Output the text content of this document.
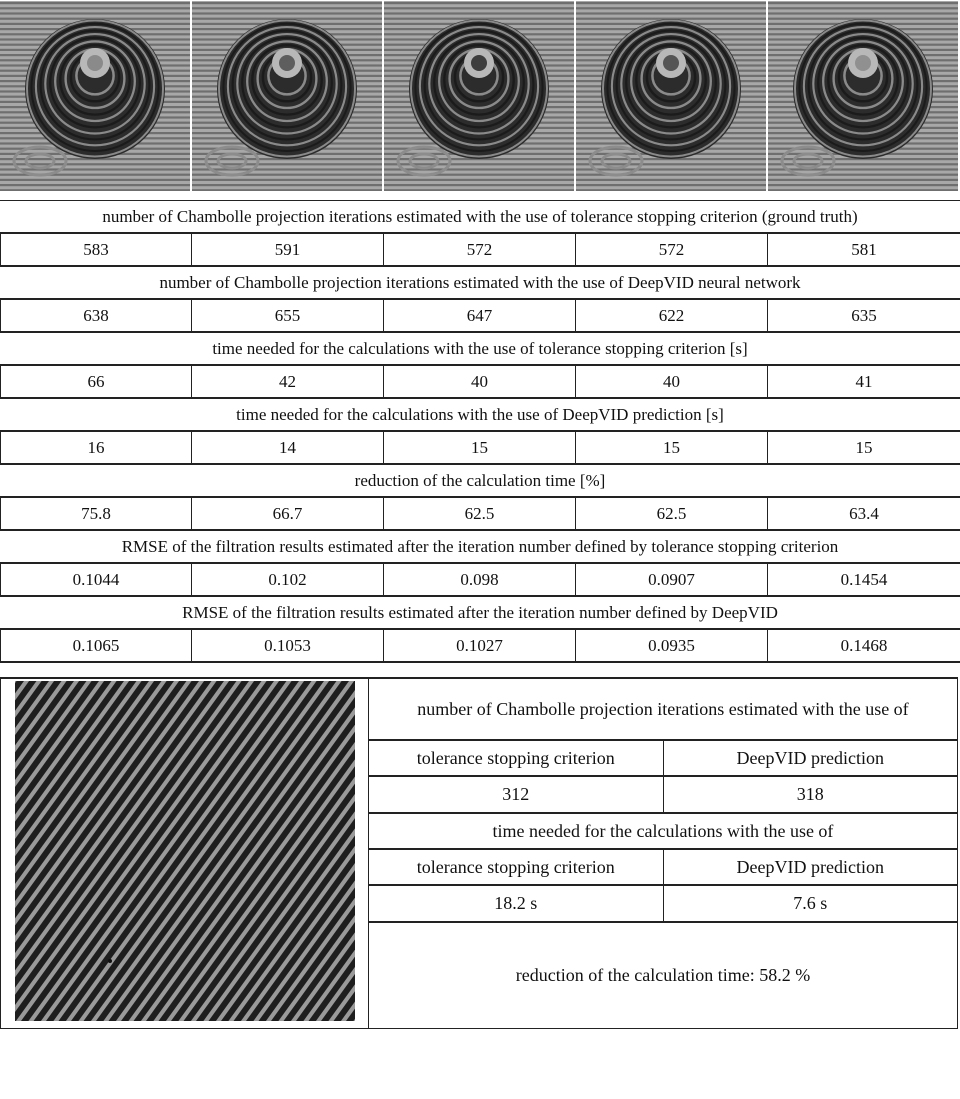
number of Chambolle projection iterations estimated with the use of tolerance stopping criterion (ground truth)
583	591	572	572	581
number of Chambolle projection iterations estimated with the use of DeepVID neural network
638	655	647	622	635
time needed for the calculations with the use of tolerance stopping criterion [s]
66	42	40	40	41
time needed for the calculations with the use of DeepVID prediction [s]
16	14	15	15	15
reduction of the calculation time [%]
75.8	66.7	62.5	62.5	63.4
RMSE of the filtration results estimated after the iteration number defined by tolerance stopping criterion
0.1044	0.102	0.098	0.0907	0.1454
RMSE of the filtration results estimated after the iteration number defined by DeepVID
0.1065	0.1053	0.1027	0.0935	0.1468
number of Chambolle projection iterations estimated with the use of
tolerance stopping criterion	DeepVID prediction
312	318
time needed for the calculations with the use of
tolerance stopping criterion	DeepVID prediction
18.2 s	7.6 s
reduction of the calculation time: 58.2 %
